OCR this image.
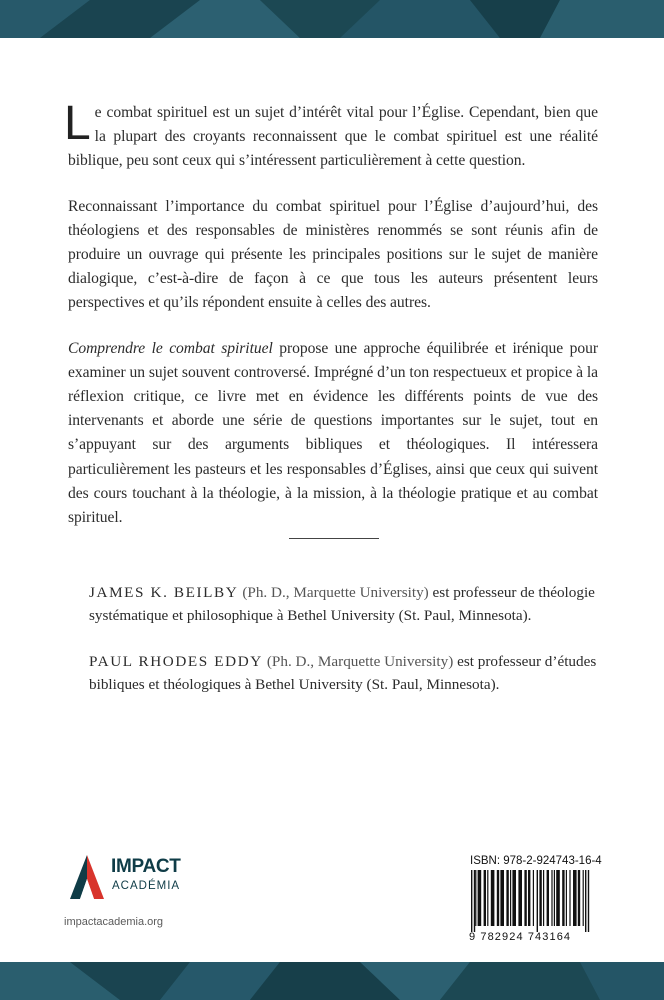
Le combat spirituel est un sujet d’intérêt vital pour l’Église. Cependant, bien que la plupart des croyants reconnaissent que le combat spirituel est une réalité biblique, peu sont ceux qui s’intéressent particulièrement à cette question.

Reconnaissant l’importance du combat spirituel pour l’Église d’aujourd’hui, des théologiens et des responsables de ministères renommés se sont réunis afin de produire un ouvrage qui présente les principales positions sur le sujet de manière dialogique, c’est-à-dire de façon à ce que tous les auteurs présentent leurs perspectives et qu’ils répondent ensuite à celles des autres.

Comprendre le combat spirituel propose une approche équilibrée et irénique pour examiner un sujet souvent controversé. Imprégné d’un ton respectueux et propice à la réflexion critique, ce livre met en évidence les différents points de vue des intervenants et aborde une série de questions importantes sur le sujet, tout en s’appuyant sur des arguments bibliques et théologiques. Il intéressera particulièrement les pasteurs et les responsables d’Églises, ainsi que ceux qui suivent des cours touchant à la théologie, à la mission, à la théologie pratique et au combat spirituel.

JAMES K. BEILBY (Ph. D., Marquette University) est professeur de théologie systématique et philosophique à Bethel University (St. Paul, Minnesota).
PAUL RHODES EDDY (Ph. D., Marquette University) est professeur d’études bibliques et théologiques à Bethel University (St. Paul, Minnesota).
IMPACT
ACADÉMIA
impactacademia.org
ISBN: 978-2-924743-16-4
9 782924 743164
